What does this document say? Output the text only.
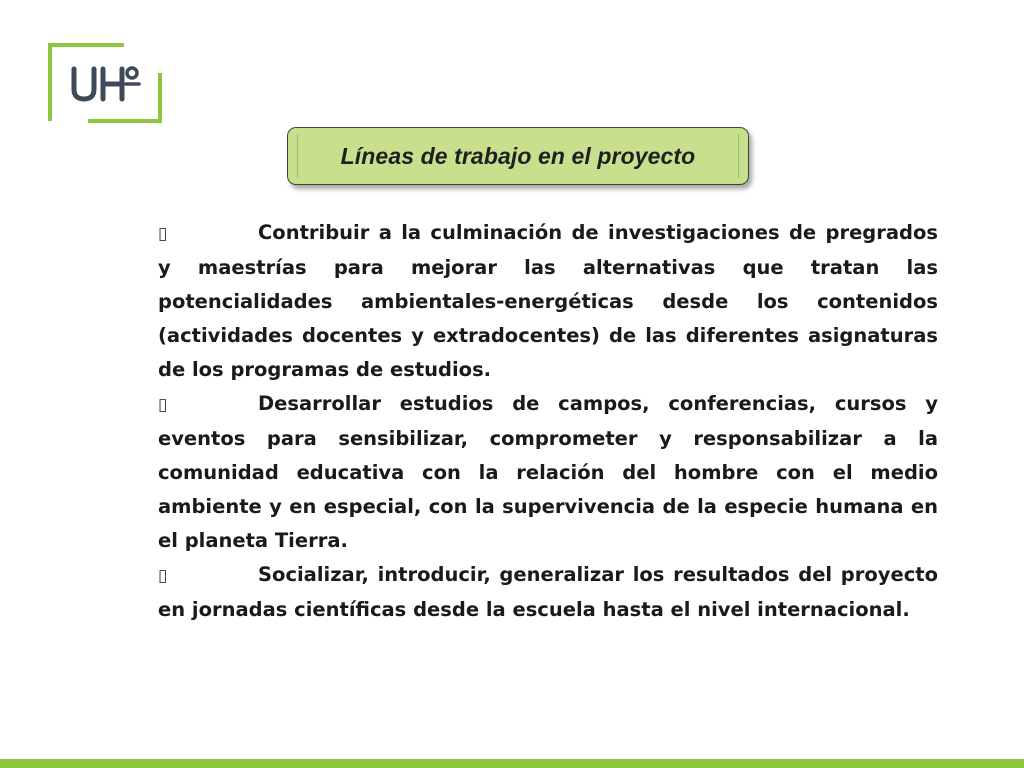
UH
Líneas de trabajo en el proyecto

▯	Contribuir a la culminación de investigaciones de pregrados y maestrías para mejorar las alternativas que tratan las potencialidades ambientales-energéticas desde los contenidos (actividades docentes y extradocentes) de las diferentes asignaturas de los programas de estudios.

▯	Desarrollar estudios de campos, conferencias, cursos y eventos para sensibilizar, comprometer y responsabilizar a la comunidad educativa con la relación del hombre con el medio ambiente y en especial, con la supervivencia de la especie humana en el planeta Tierra.

▯	Socializar, introducir, generalizar los resultados del proyecto en jornadas científicas desde la escuela hasta el nivel internacional.
